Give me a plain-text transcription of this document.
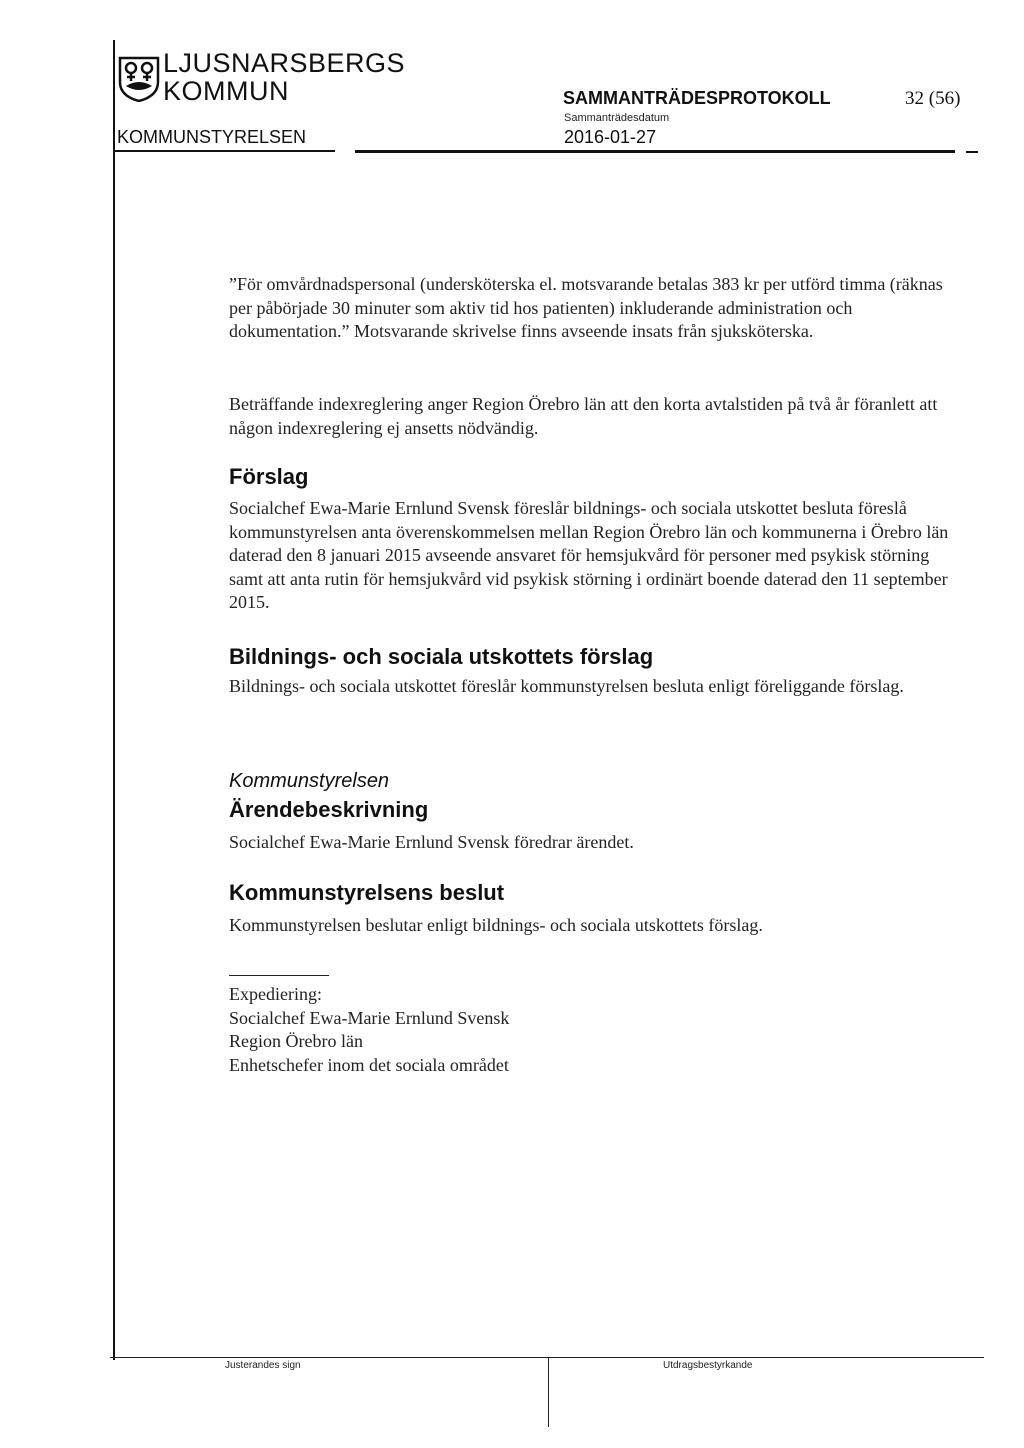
LJUSNARSBERGS
KOMMUN	SAMMANTRÄDESPROTOKOLL	32 (56)
Sammanträdesdatum
KOMMUNSTYRELSEN	2016-01-27
”För omvårdnadspersonal (undersköterska el. motsvarande betalas 383 kr per utförd timma (räknas per påbörjade 30 minuter som aktiv tid hos patienten) inkluderande administration och dokumentation.” Motsvarande skrivelse finns avseende insats från sjuksköterska.
Beträffande indexreglering anger Region Örebro län att den korta avtalstiden på två år föranlett att någon indexreglering ej ansetts nödvändig.
Förslag
Socialchef Ewa-Marie Ernlund Svensk föreslår bildnings- och sociala utskottet besluta föreslå kommunstyrelsen anta överenskommelsen mellan Region Örebro län och kommunerna i Örebro län daterad den 8 januari 2015 avseende ansvaret för hemsjukvård för personer med psykisk störning samt att anta rutin för hemsjukvård vid psykisk störning i ordinärt boende daterad den 11 september 2015.
Bildnings- och sociala utskottets förslag
Bildnings- och sociala utskottet föreslår kommunstyrelsen besluta enligt föreliggande förslag.
Kommunstyrelsen
Ärendebeskrivning
Socialchef Ewa-Marie Ernlund Svensk föredrar ärendet.
Kommunstyrelsens beslut
Kommunstyrelsen beslutar enligt bildnings- och sociala utskottets förslag.
Expediering:
Socialchef Ewa-Marie Ernlund Svensk
Region Örebro län
Enhetschefer inom det sociala området
Justerandes sign	Utdragsbestyrkande
